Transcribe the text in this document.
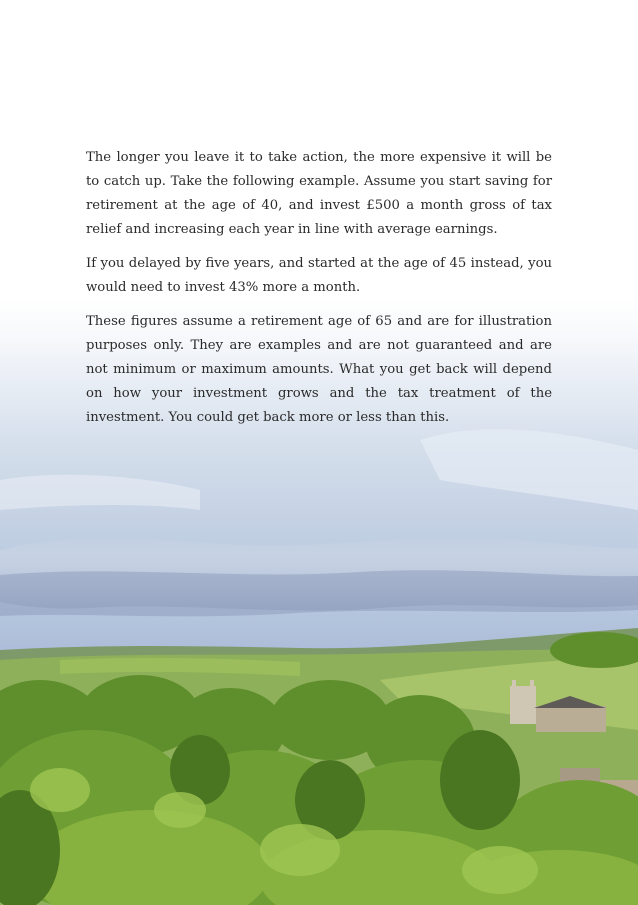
The longer you leave it to take action, the more expensive it will be to catch up. Take the following example. Assume you start saving for retirement at the age of 40, and invest £500 a month gross of tax relief and increasing each year in line with average earnings.

If you delayed by five years, and started at the age of 45 instead, you would need to invest 43% more a month.

These figures assume a retirement age of 65 and are for illustration purposes only. They are examples and are not guaranteed and are not minimum or maximum amounts. What you get back will depend on how your investment grows and the tax treatment of the investment. You could get back more or less than this.
